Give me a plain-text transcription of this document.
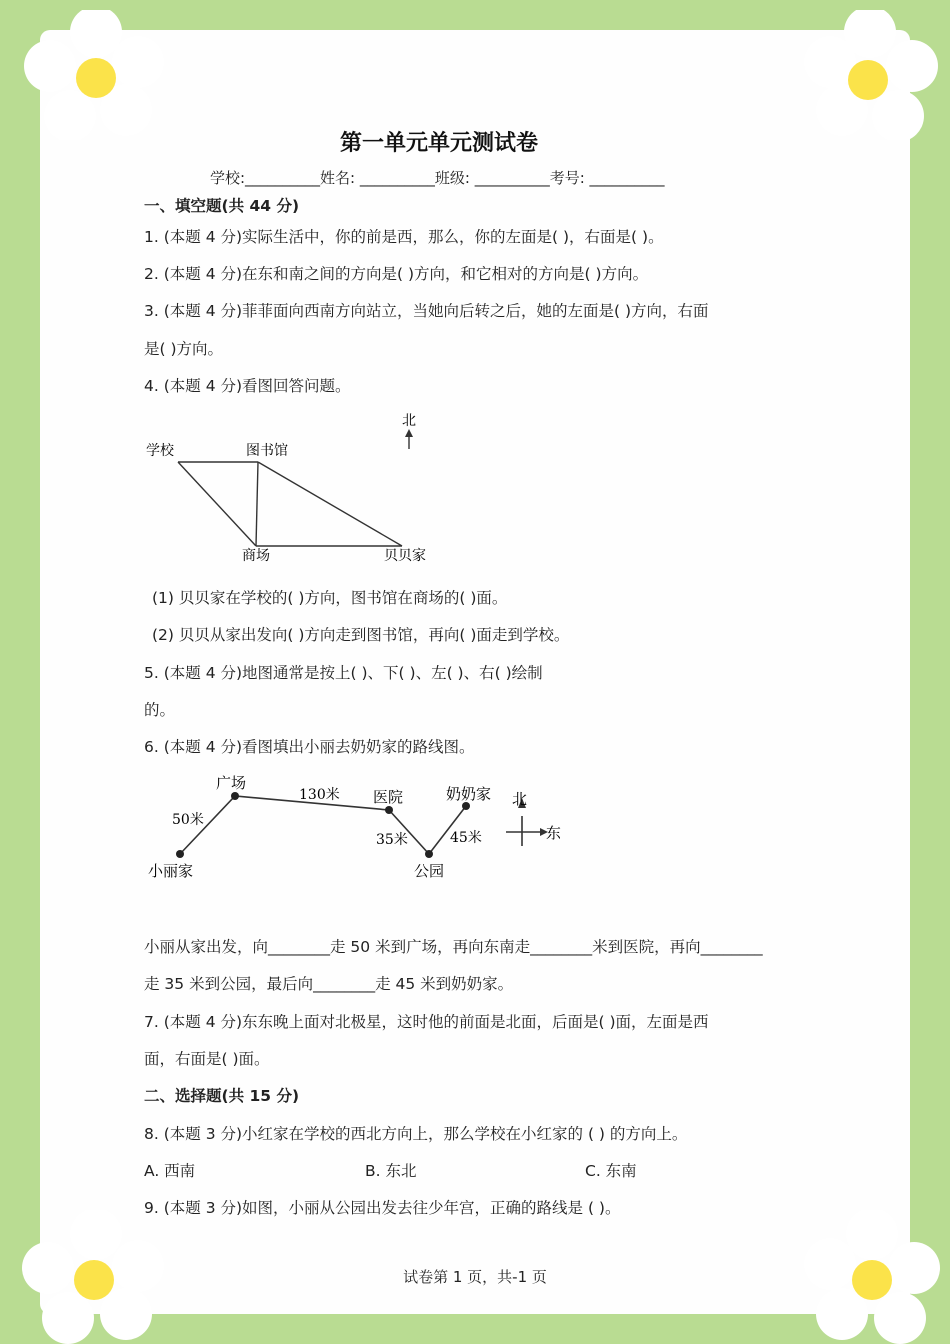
第一单元单元测试卷
学校:__________姓名: __________班级: __________考号: __________
一、填空题(共 44 分)
1. (本题 4 分)实际生活中，你的前是西，那么，你的左面是( )，右面是( )。
2. (本题 4 分)在东和南之间的方向是( )方向，和它相对的方向是( )方向。
3. (本题 4 分)菲菲面向西南方向站立，当她向后转之后，她的左面是( )方向，右面
是( )方向。
4. (本题 4 分)看图回答问题。
学校	图书馆
商场	贝贝家
北
(1) 贝贝家在学校的( )方向，图书馆在商场的( )面。
(2) 贝贝从家出发向( )方向走到图书馆，再向( )面走到学校。
5. (本题 4 分)地图通常是按上( )、下( )、左( )、右( )绘制
的。
6. (本题 4 分)看图填出小丽去奶奶家的路线图。
小丽家
广场
医院
公园
奶奶家
50米
130米
35米	45米
北
东
小丽从家出发，向________走 50 米到广场，再向东南走________米到医院，再向________
走 35 米到公园，最后向________走 45 米到奶奶家。
7. (本题 4 分)东东晚上面对北极星，这时他的前面是北面，后面是( )面，左面是西
面，右面是( )面。
二、选择题(共 15 分)
8. (本题 3 分)小红家在学校的西北方向上，那么学校在小红家的 ( ) 的方向上。
A. 西南	B. 东北	C. 东南
9. (本题 3 分)如图，小丽从公园出发去往少年宫，正确的路线是 ( )。
试卷第 1 页，共-1 页
